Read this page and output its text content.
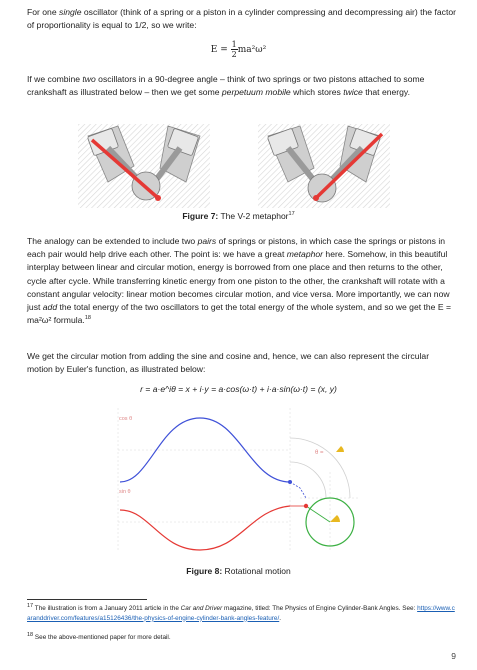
For one single oscillator (think of a spring or a piston in a cylinder compressing and decompressing air) the factor of proportionality is equal to 1/2, so we write:

$E = \frac{1}{2} ma^2\omega^2$

If we combine two oscillators in a 90-degree angle – think of two springs or two pistons attached to some crankshaft as illustrated below – then we get some perpetuum mobile which stores twice that energy.

Figure 7: The V-2 metaphor$^{17}$

The analogy can be extended to include two pairs of springs or pistons, in which case the springs or pistons in each pair would help drive each other. The point is: we have a great metaphor here. Somehow, in this beautiful interplay between linear and circular motion, energy is borrowed from one place and then returns to the other, cycle after cycle. While transferring kinetic energy from one piston to the other, the crankshaft will rotate with a constant angular velocity: linear motion becomes circular motion, and vice versa. More importantly, we can now just add the total energy of the two oscillators to get the total energy of the whole system, and so we get the E = ma²ω² formula.$^{18}$

We get the circular motion from adding the sine and cosine and, hence, we can also represent the circular motion by Euler's function, as illustrated below:

r = a·e^iθ = x + i·y = a·cos(ω·t) + i·a·sin(ω·t) = (x, y)
cos θ
sin θ
θ =
Figure 8: Rotational motion
$^{17}$ The illustration is from a January 2011 article in the Car and Driver magazine, titled: The Physics of Engine Cylinder-Bank Angles. See: https://www.caranddriver.com/features/a15126436/the-physics-of-engine-cylinder-bank-angles-feature/.
$^{18}$ See the above-mentioned paper for more detail.
9
